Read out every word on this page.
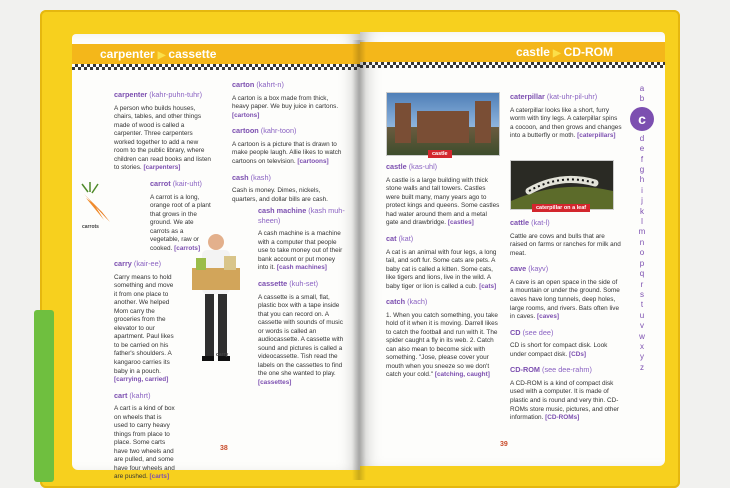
carpenter ▶ cassette

carpenter (kahr-puhn-tuhr)

A person who builds houses, chairs, tables, and other things made of wood is called a carpenter. Three carpenters worked together to add a new room to the public library, where children can read books and listen to stories. [carpenters]

carrot (kair-uht)

A carrot is a long, orange root of a plant that grows in the ground. We ate carrots as a vegetable, raw or cooked. [carrots]

carry (kair-ee)

Carry means to hold something and move it from one place to another. We helped Mom carry the groceries from the elevator to our apartment. Paul likes to be carried on his father's shoulders. A kangaroo carries its baby in a pouch. [carrying, carried]

cart (kahrt)

A cart is a kind of box on wheels that is used to carry heavy things from place to place. Some carts have two wheels and are pulled, and some have four wheels and are pushed. [carts]

carrots
carry

carton (kahrt-n)

A carton is a box made from thick, heavy paper. We buy juice in cartons. [cartons]

cartoon (kahr-toon)

A cartoon is a picture that is drawn to make people laugh. Allie likes to watch cartoons on television. [cartoons]

cash (kash)

Cash is money. Dimes, nickels, quarters, and dollar bills are cash.

cash machine (kash muh-sheen)

A cash machine is a machine with a computer that people use to take money out of their bank account or put money into it. [cash machines]

cassette (kuh-set)

A cassette is a small, flat, plastic box with a tape inside that you can record on. A cassette with sounds of music or words is called an audiocassette. A cassette with sound and pictures is called a videocassette. Tish read the labels on the cassettes to find the one she wanted to play. [cassettes]

38
castle ▶ CD-ROM
castle

castle (kas-uhl)

A castle is a large building with thick stone walls and tall towers. Castles were built many, many years ago to protect kings and queens. Some castles had water around them and a metal gate and drawbridge. [castles]

cat (kat)

A cat is an animal with four legs, a long tail, and soft fur. Some cats are pets. A baby cat is called a kitten. Some cats, like tigers and lions, live in the wild. A baby tiger or lion is called a cub. [cats]

catch (kach)

1. When you catch something, you take hold of it when it is moving. Darrell likes to catch the football and run with it. The spider caught a fly in its web. 2. Catch can also mean to become sick with something. "Jose, please cover your mouth when you sneeze so we don't catch your cold." [catching, caught]

caterpillar (kat-uhr-pil-uhr)

A caterpillar looks like a short, furry worm with tiny legs. A caterpillar spins a cocoon, and then grows and changes into a butterfly or moth. [caterpillars]

caterpillar on a leaf

cattle (kat-l)

Cattle are cows and bulls that are raised on farms or ranches for milk and meat.

cave (kayv)

A cave is an open space in the side of a mountain or under the ground. Some caves have long tunnels, deep holes, large rooms, and rivers. Bats often live in caves. [caves]

CD (see dee)

CD is short for compact disk. Look under compact disk. [CDs]

CD-ROM (see dee-rahm)

A CD-ROM is a kind of compact disk used with a computer. It is made of plastic and is round and very thin. CD-ROMs store music, pictures, and other information. [CD-ROMs]

a
b
c
d
e
f
g
h
i
j
k
l
m
n
o
p
q
r
s
t
u
v
w
x
y
z
39
